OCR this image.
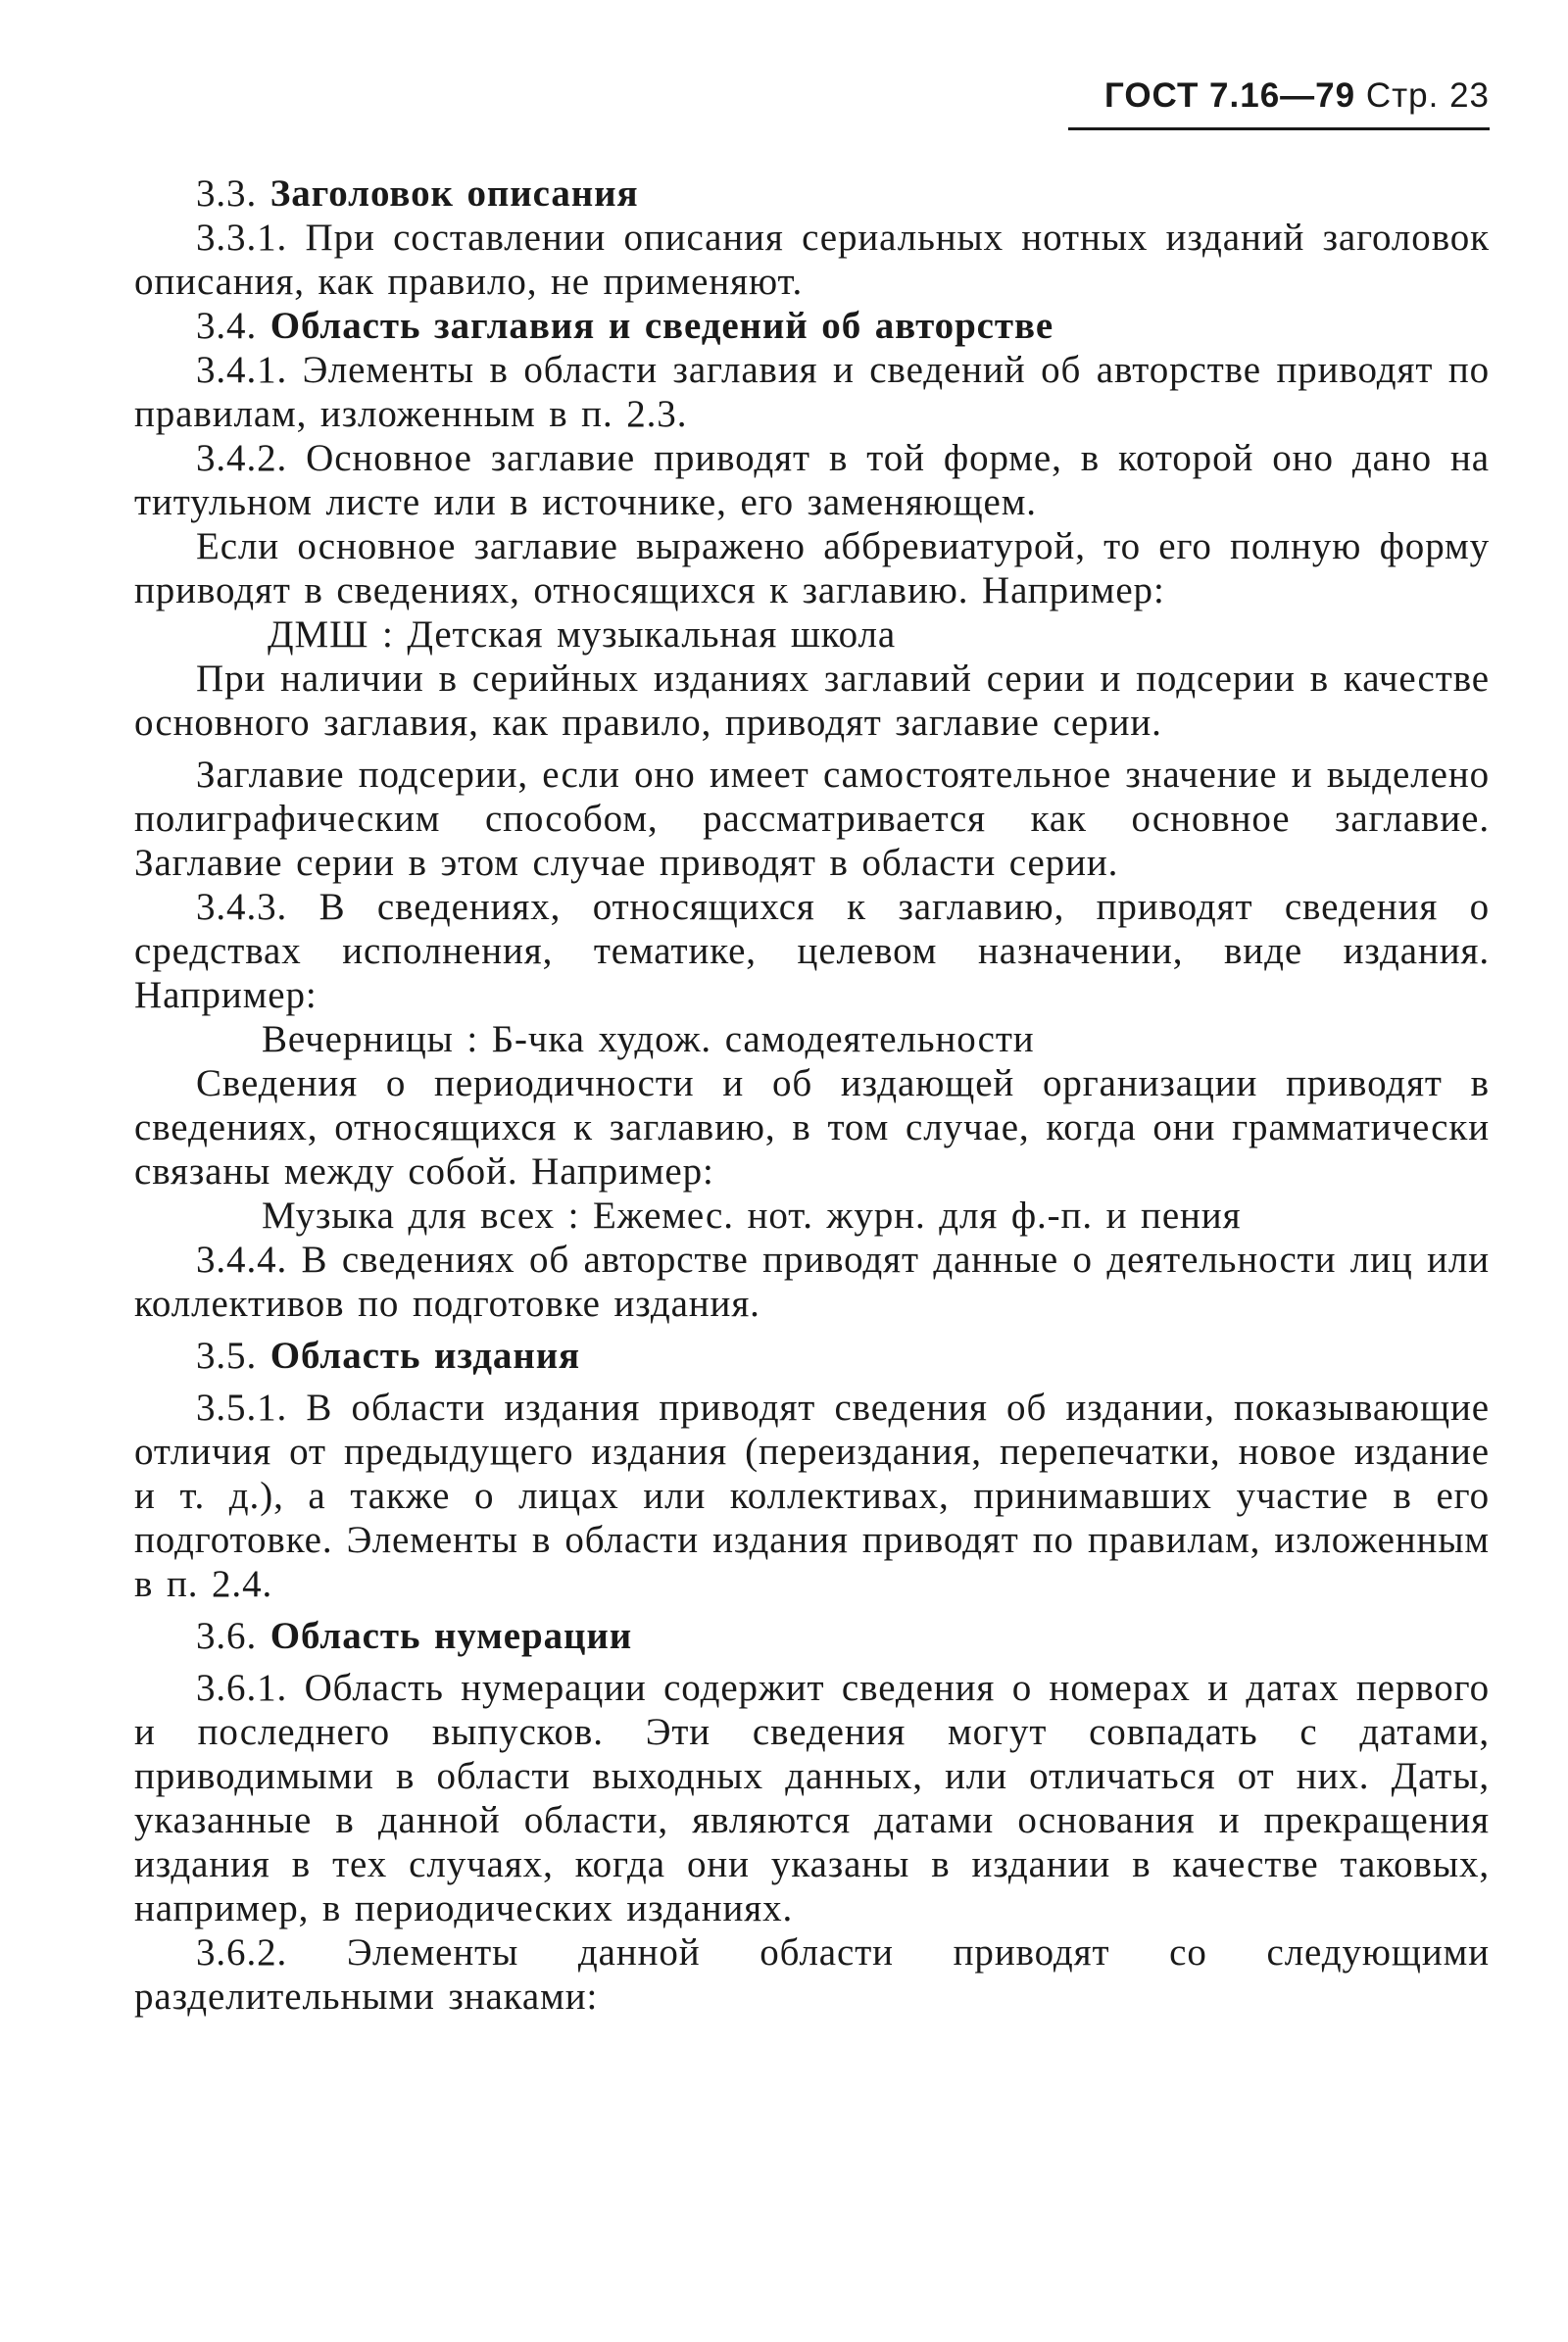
ГОСТ 7.16—79 Стр. 23

3.3. Заголовок описания

3.3.1. При составлении описания сериальных нотных изданий заголовок описания, как правило, не применяют.

3.4. Область заглавия и сведений об авторстве

3.4.1. Элементы в области заглавия и сведений об авторстве приводят по правилам, изложенным в п. 2.3.

3.4.2. Основное заглавие приводят в той форме, в которой оно дано на титульном листе или в источнике, его заменяющем.

Если основное заглавие выражено аббревиатурой, то его полную форму приводят в сведениях, относящихся к заглавию. Например:

ДМШ : Детская музыкальная школа

При наличии в серийных изданиях заглавий серии и подсерии в качестве основного заглавия, как правило, приводят заглавие серии.

Заглавие подсерии, если оно имеет самостоятельное значение и выделено полиграфическим способом, рассматривается как основное заглавие. Заглавие серии в этом случае приводят в области серии.

3.4.3. В сведениях, относящихся к заглавию, приводят сведения о средствах исполнения, тематике, целевом назначении, виде издания. Например:

Вечерницы : Б-чка худож. самодеятельности

Сведения о периодичности и об издающей организации приводят в сведениях, относящихся к заглавию, в том случае, когда они грамматически связаны между собой. Например:

Музыка для всех : Ежемес. нот. журн. для ф.-п. и пения

3.4.4. В сведениях об авторстве приводят данные о деятельности лиц или коллективов по подготовке издания.

3.5. Область издания

3.5.1. В области издания приводят сведения об издании, показывающие отличия от предыдущего издания (переиздания, перепечатки, новое издание и т. д.), а также о лицах или коллективах, принимавших участие в его подготовке. Элементы в области издания приводят по правилам, изложенным в п. 2.4.

3.6. Область нумерации

3.6.1. Область нумерации содержит сведения о номерах и датах первого и последнего выпусков. Эти сведения могут совпадать с датами, приводимыми в области выходных данных, или отличаться от них. Даты, указанные в данной области, являются датами основания и прекращения издания в тех случаях, когда они указаны в издании в качестве таковых, например, в периодических изданиях.

3.6.2. Элементы данной области приводят со следующими разделительными знаками:
